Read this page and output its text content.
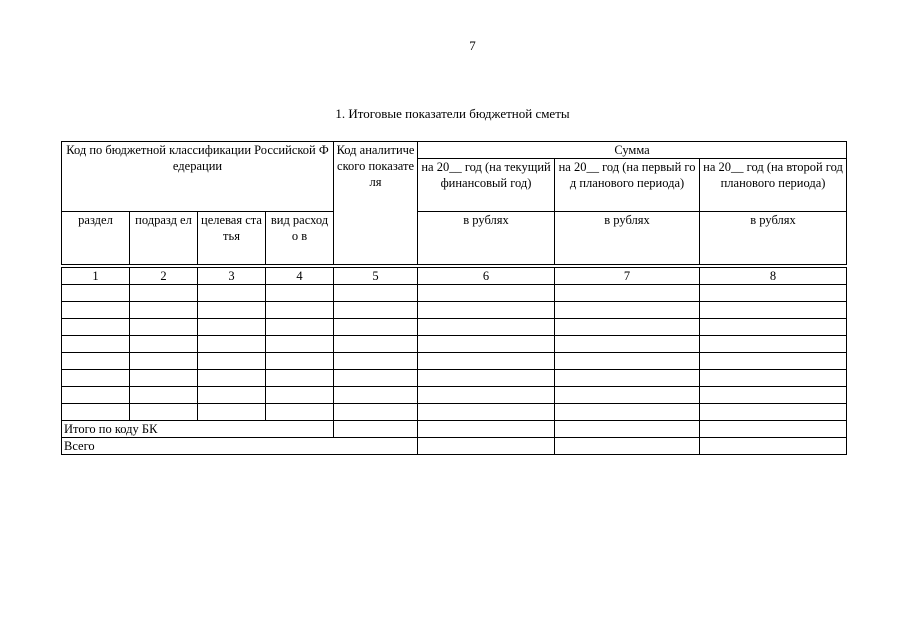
7
1. Итоговые показатели бюджетной сметы
Код по бюджетной классификации Российской Федерации				Код аналитиче ского показателя	Сумма		
					на 20__ год (на текущий финансовый год)	на 20__ год (на первый год планового периода)	на 20__ год (на второй год планового периода)
раздел	подразд ел	целевая статья	вид расходо в		в рублях	в рублях	в рублях

1	2	3	4	5	6	7	8

Итого по коду БК							
Всего							
